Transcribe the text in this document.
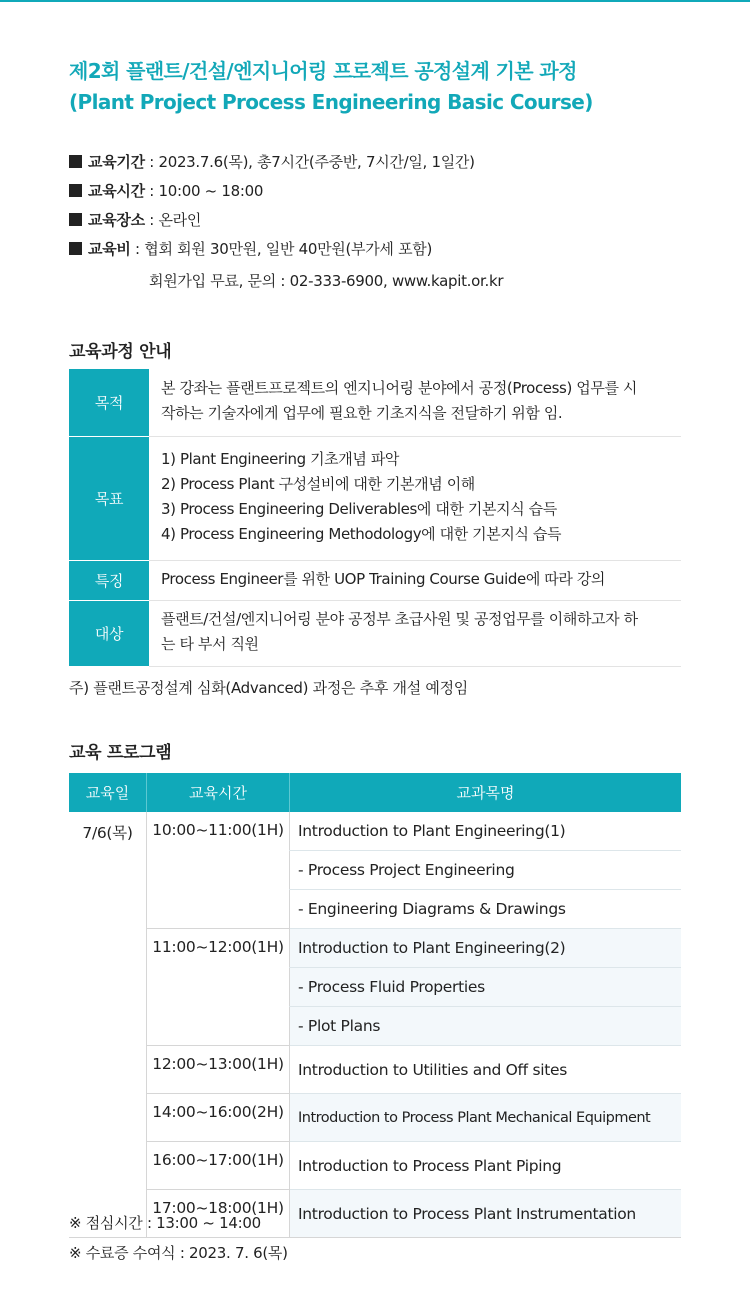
제2회 플랜트/건설/엔지니어링 프로젝트 공정설계 기본 과정
(Plant Project Process Engineering Basic Course)
교육기간 : 2023.7.6(목), 총7시간(주중반, 7시간/일, 1일간)
교육시간 : 10:00 ~ 18:00
교육장소 : 온라인
교육비 : 협회 회원 30만원, 일반 40만원(부가세 포함)
회원가입 무료, 문의 : 02-333-6900, www.kapit.or.kr
교육과정 안내
목적	본 강좌는 플랜트프로젝트의 엔지니어링 분야에서 공정(Process) 업무를 시
작하는 기술자에게 업무에 필요한 기초지식을 전달하기 위함 임.

목표	1) Plant Engineering 기초개념 파악
2) Process Plant 구성설비에 대한 기본개념 이해
3) Process Engineering Deliverables에 대한 기본지식 습득
4) Process Engineering Methodology에 대한 기본지식 습득

특징	Process Engineer를 위한 UOP Training Course Guide에 따라 강의

대상	플랜트/건설/엔지니어링 분야 공정부 초급사원 및 공정업무를 이해하고자 하
는 타 부서 직원
주) 플랜트공정설계 심화(Advanced) 과정은 추후 개설 예정임
교육 프로그램
교육일	교육시간	교과목명
7/6(목)	10:00~11:00(1H)	Introduction to Plant Engineering(1)
		- Process Project Engineering
		- Engineering Diagrams & Drawings
	11:00~12:00(1H)	Introduction to Plant Engineering(2)
		- Process Fluid Properties
		- Plot Plans
	12:00~13:00(1H)	Introduction to Utilities and Off sites
	14:00~16:00(2H)	Introduction to Process Plant Mechanical Equipment
	16:00~17:00(1H)	Introduction to Process Plant Piping
	17:00~18:00(1H)	Introduction to Process Plant Instrumentation
※ 점심시간 : 13:00 ~ 14:00
※ 수료증 수여식 : 2023. 7. 6(목)
